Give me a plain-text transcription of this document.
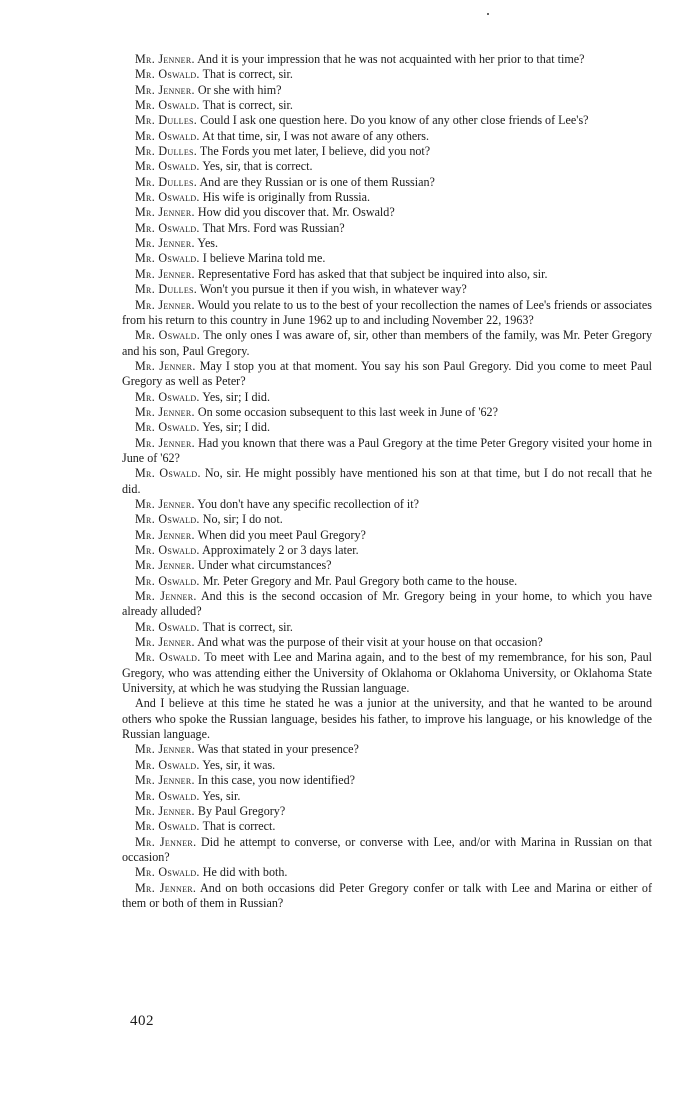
Mr. Jenner. And it is your impression that he was not acquainted with her prior to that time?

Mr. Oswald. That is correct, sir.

Mr. Jenner. Or she with him?

Mr. Oswald. That is correct, sir.

Mr. Dulles. Could I ask one question here. Do you know of any other close friends of Lee's?

Mr. Oswald. At that time, sir, I was not aware of any others.

Mr. Dulles. The Fords you met later, I believe, did you not?

Mr. Oswald. Yes, sir, that is correct.

Mr. Dulles. And are they Russian or is one of them Russian?

Mr. Oswald. His wife is originally from Russia.

Mr. Jenner. How did you discover that. Mr. Oswald?

Mr. Oswald. That Mrs. Ford was Russian?

Mr. Jenner. Yes.

Mr. Oswald. I believe Marina told me.

Mr. Jenner. Representative Ford has asked that that subject be inquired into also, sir.

Mr. Dulles. Won't you pursue it then if you wish, in whatever way?

Mr. Jenner. Would you relate to us to the best of your recollection the names of Lee's friends or associates from his return to this country in June 1962 up to and including November 22, 1963?

Mr. Oswald. The only ones I was aware of, sir, other than members of the family, was Mr. Peter Gregory and his son, Paul Gregory.

Mr. Jenner. May I stop you at that moment. You say his son Paul Gregory. Did you come to meet Paul Gregory as well as Peter?

Mr. Oswald. Yes, sir; I did.

Mr. Jenner. On some occasion subsequent to this last week in June of '62?

Mr. Oswald. Yes, sir; I did.

Mr. Jenner. Had you known that there was a Paul Gregory at the time Peter Gregory visited your home in June of '62?

Mr. Oswald. No, sir. He might possibly have mentioned his son at that time, but I do not recall that he did.

Mr. Jenner. You don't have any specific recollection of it?

Mr. Oswald. No, sir; I do not.

Mr. Jenner. When did you meet Paul Gregory?

Mr. Oswald. Approximately 2 or 3 days later.

Mr. Jenner. Under what circumstances?

Mr. Oswald. Mr. Peter Gregory and Mr. Paul Gregory both came to the house.

Mr. Jenner. And this is the second occasion of Mr. Gregory being in your home, to which you have already alluded?

Mr. Oswald. That is correct, sir.

Mr. Jenner. And what was the purpose of their visit at your house on that occasion?

Mr. Oswald. To meet with Lee and Marina again, and to the best of my remembrance, for his son, Paul Gregory, who was attending either the University of Oklahoma or Oklahoma University, or Oklahoma State University, at which he was studying the Russian language.

And I believe at this time he stated he was a junior at the university, and that he wanted to be around others who spoke the Russian language, besides his father, to improve his language, or his knowledge of the Russian language.

Mr. Jenner. Was that stated in your presence?

Mr. Oswald. Yes, sir, it was.

Mr. Jenner. In this case, you now identified?

Mr. Oswald. Yes, sir.

Mr. Jenner. By Paul Gregory?

Mr. Oswald. That is correct.

Mr. Jenner. Did he attempt to converse, or converse with Lee, and/or with Marina in Russian on that occasion?

Mr. Oswald. He did with both.

Mr. Jenner. And on both occasions did Peter Gregory confer or talk with Lee and Marina or either of them or both of them in Russian?

402
